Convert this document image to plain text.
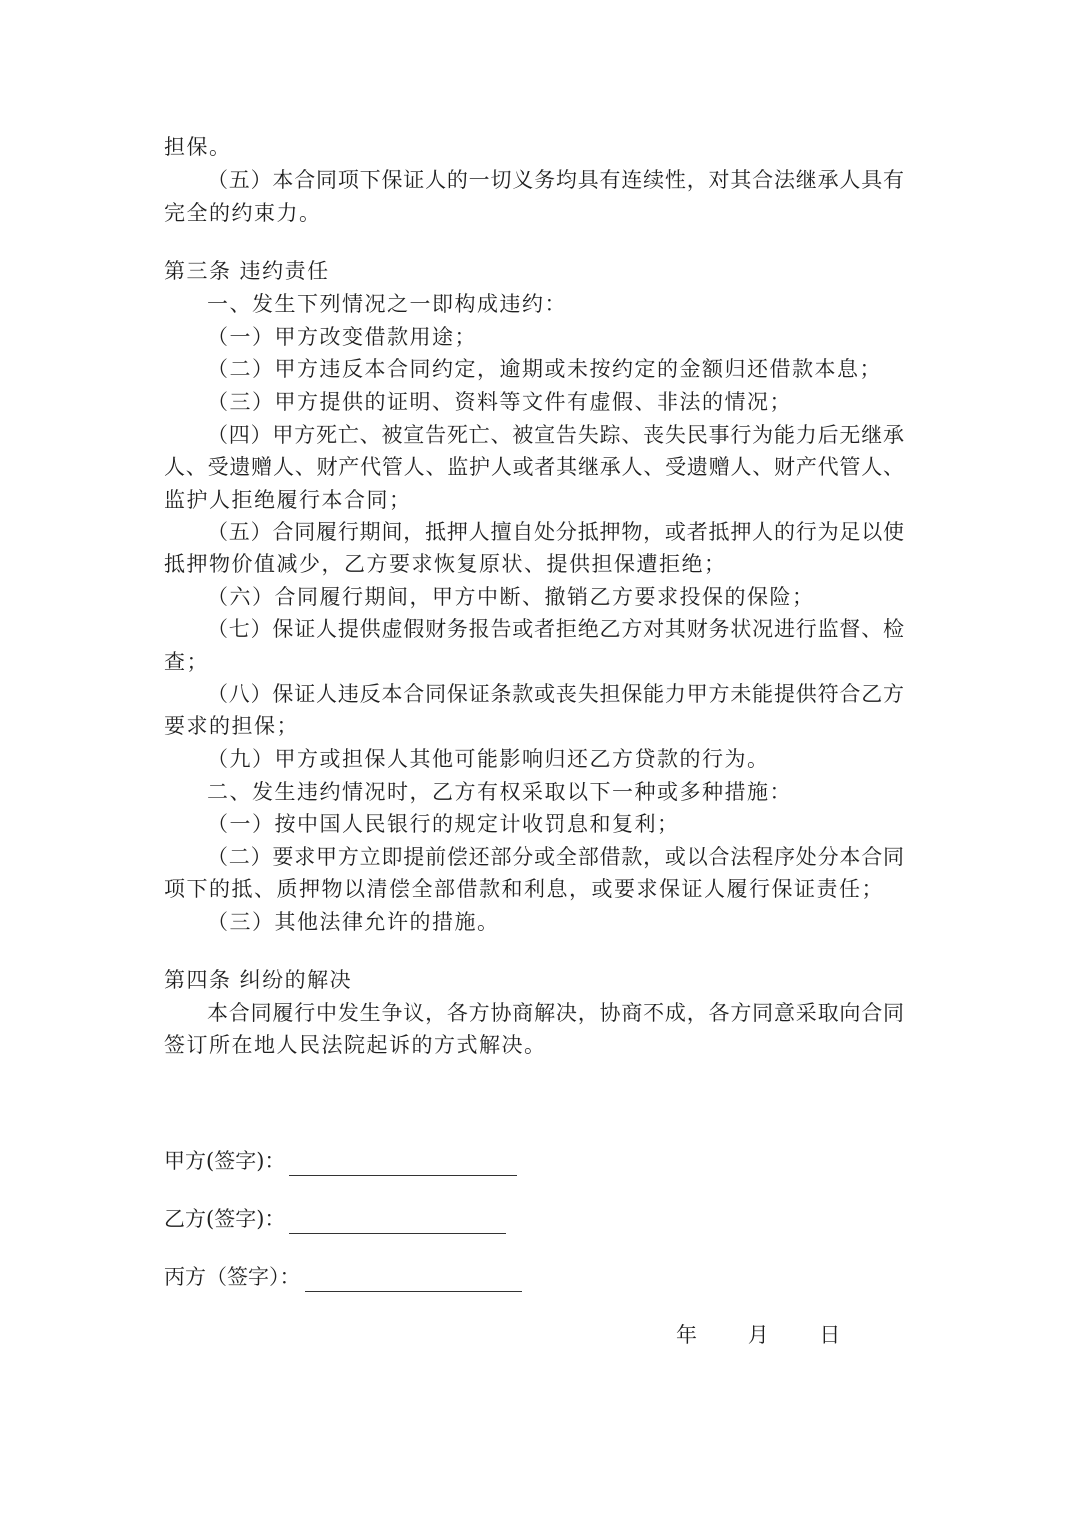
担保。
（五）本合同项下保证人的一切义务均具有连续性，对其合法继承人具有
完全的约束力。
第三条 违约责任
一、发生下列情况之一即构成违约：
（一）甲方改变借款用途；
（二）甲方违反本合同约定，逾期或未按约定的金额归还借款本息；
（三）甲方提供的证明、资料等文件有虚假、非法的情况；
（四）甲方死亡、被宣告死亡、被宣告失踪、丧失民事行为能力后无继承
人、受遗赠人、财产代管人、监护人或者其继承人、受遗赠人、财产代管人、
监护人拒绝履行本合同；
（五）合同履行期间，抵押人擅自处分抵押物，或者抵押人的行为足以使
抵押物价值减少，乙方要求恢复原状、提供担保遭拒绝；
（六）合同履行期间，甲方中断、撤销乙方要求投保的保险；
（七）保证人提供虚假财务报告或者拒绝乙方对其财务状况进行监督、检
查；
（八）保证人违反本合同保证条款或丧失担保能力甲方未能提供符合乙方
要求的担保；
（九）甲方或担保人其他可能影响归还乙方贷款的行为。
二、发生违约情况时，乙方有权采取以下一种或多种措施：
（一）按中国人民银行的规定计收罚息和复利；
（二）要求甲方立即提前偿还部分或全部借款，或以合法程序处分本合同
项下的抵、质押物以清偿全部借款和利息，或要求保证人履行保证责任；
（三）其他法律允许的措施。
第四条 纠纷的解决
本合同履行中发生争议，各方协商解决，协商不成，各方同意采取向合同
签订所在地人民法院起诉的方式解决。
甲方(签字)：
乙方(签字)：
丙方（签字）：
年 月 日
